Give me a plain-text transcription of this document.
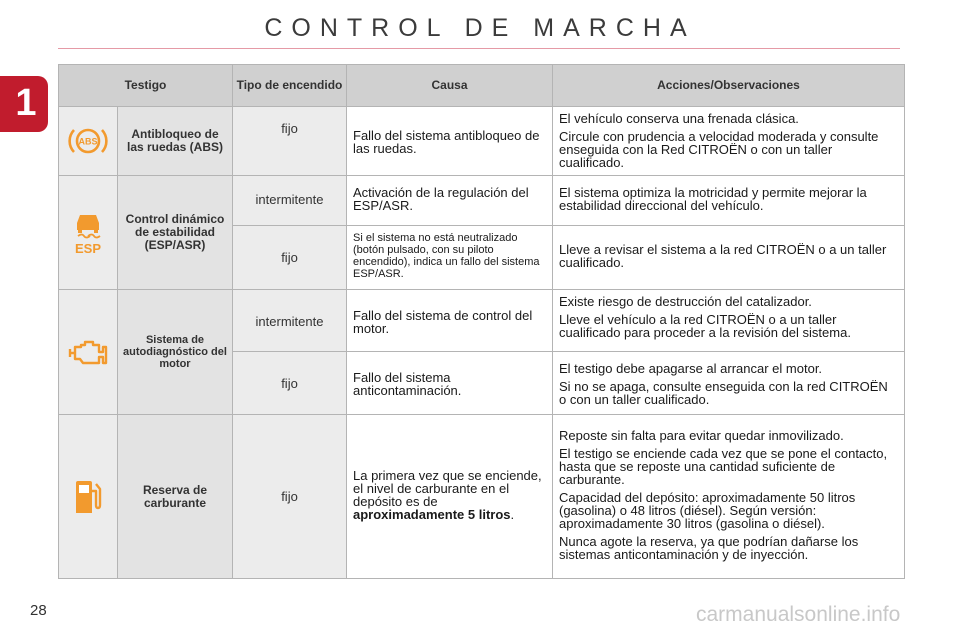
CONTROL DE MARCHA
1	Testigo		Tipo de encendido	Causa	Acciones/Observaciones

ABS	Antibloqueo de las ruedas (ABS)	fijo	Fallo del sistema antibloqueo de las ruedas.	El vehículo conserva una frenada clásica.

Circule con prudencia a velocidad moderada y consulte enseguida con la Red CITROËN o con un taller cualificado.

ESP	Control dinámico de estabilidad (ESP/ASR)	intermitente	Activación de la regulación del ESP/ASR.	El sistema optimiza la motricidad y permite mejorar la estabilidad direccional del vehículo.
		fijo	Si el sistema no está neutralizado (botón pulsado, con su piloto encendido), indica un fallo del sistema ESP/ASR.	Lleve a revisar el sistema a la red CITROËN o a un taller cualificado.
	Sistema de autodiagnóstico del motor	intermitente	Fallo del sistema de control del motor.	Existe riesgo de destrucción del catalizador.

Lleve el vehículo a la red CITROËN o a un taller cualificado para proceder a la revisión del sistema.

		fijo	Fallo del sistema anticontaminación.	El testigo debe apagarse al arrancar el motor.

Si no se apaga, consulte enseguida con la red CITROËN o con un taller cualificado.

	Reserva de carburante	fijo	La primera vez que se enciende, el nivel de carburante en el depósito es de aproximadamente 5 litros.	Reposte sin falta para evitar quedar inmovilizado.

El testigo se enciende cada vez que se pone el contacto, hasta que se reposte una cantidad suficiente de carburante.

Capacidad del depósito: aproximadamente 50 litros (gasolina) o 48 litros (diésel). Según versión: aproximadamente 30 litros (gasolina o diésel).

Nunca agote la reserva, ya que podrían dañarse los sistemas anticontaminación y de inyección.

28	carmanualsonline.info
